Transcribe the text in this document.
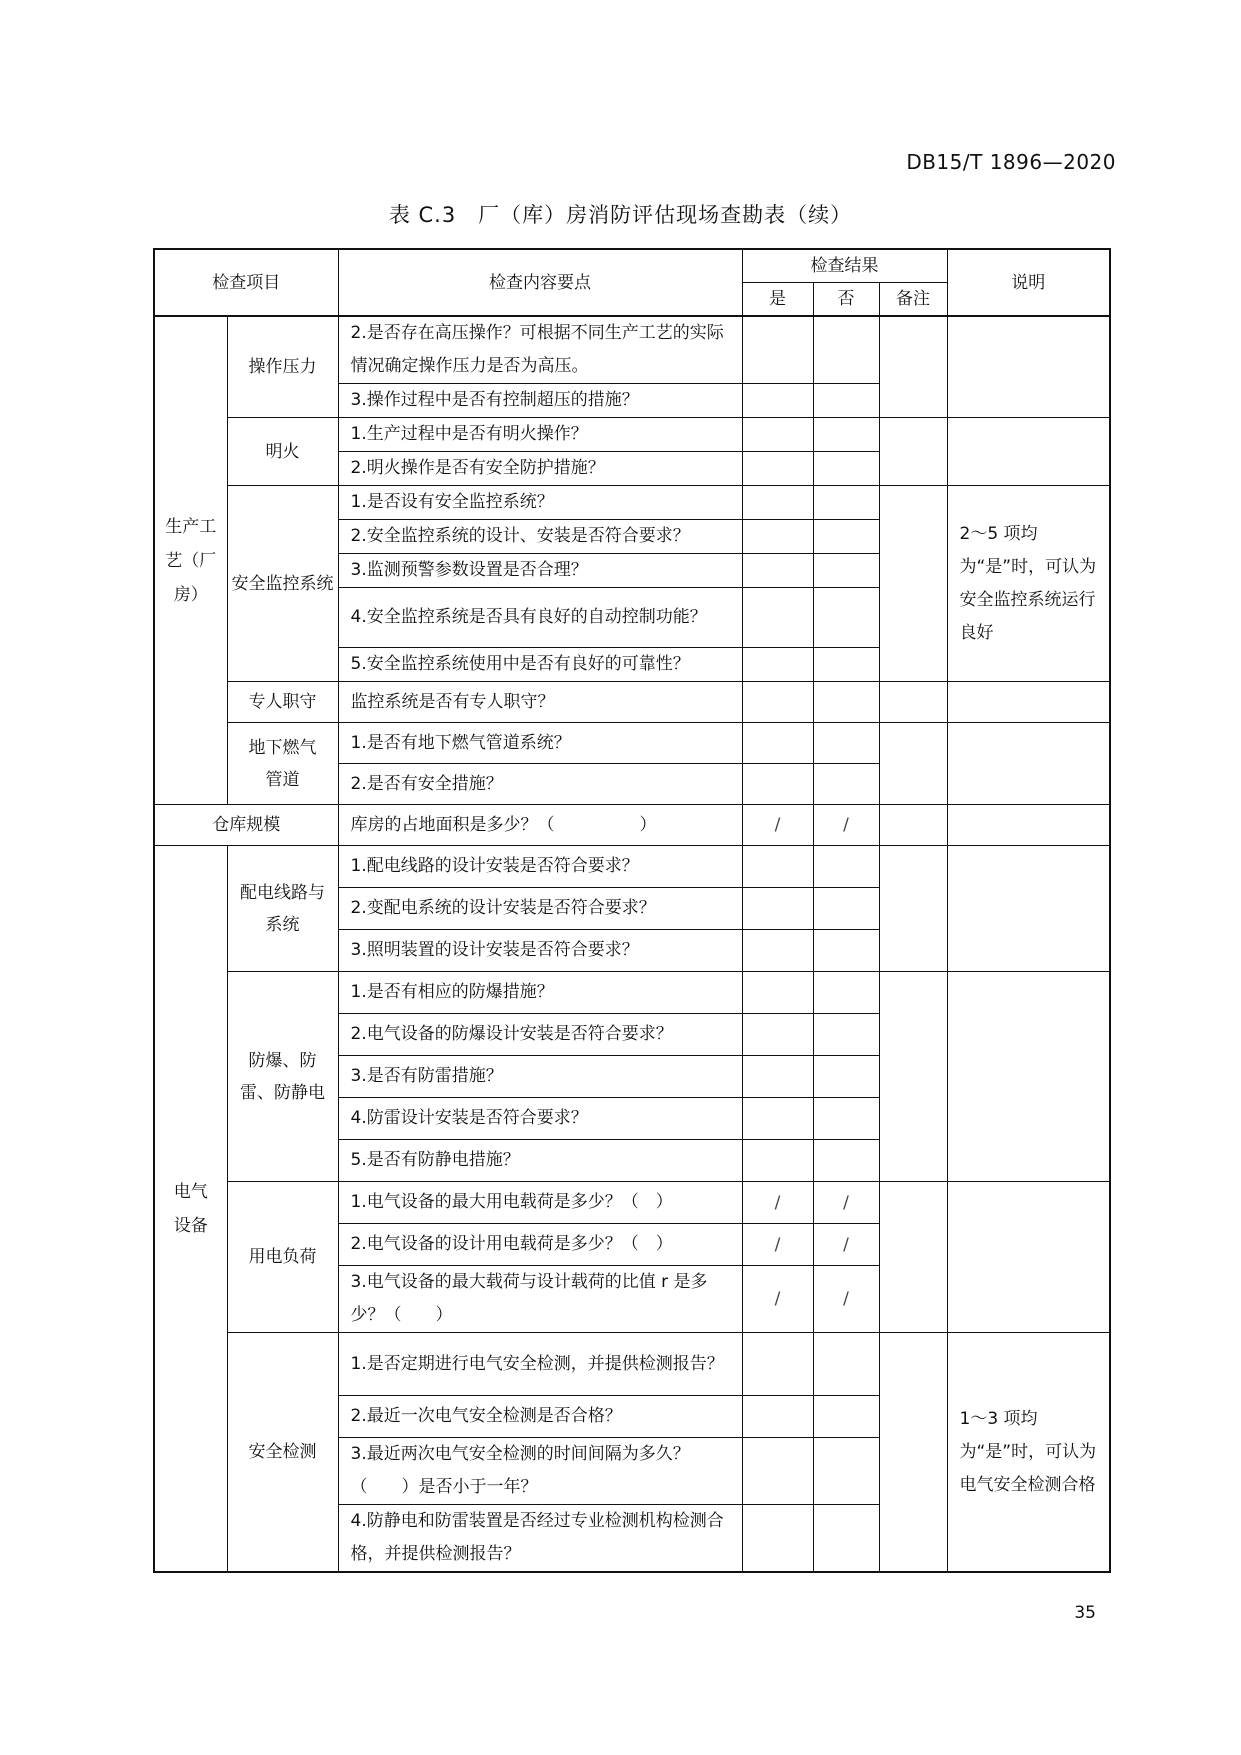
DB15/T 1896—2020
表 C.3　厂（库）房消防评估现场查勘表（续）
检查项目		检查内容要点	检查结果			说明
			是	否	备注	
生产工艺（厂房）	操作压力	2.是否存在高压操作？可根据不同生产工艺的实际情况确定操作压力是否为高压。				
		3.操作过程中是否有控制超压的措施？				
	明火	1.生产过程中是否有明火操作？				
		2.明火操作是否有安全防护措施？				
	安全监控系统	1.是否设有安全监控系统？				2～5 项均为“是”时，可认为安全监控系统运行良好
		2.安全监控系统的设计、安装是否符合要求？				
		3.监测预警参数设置是否合理？				
		4.安全监控系统是否具有良好的自动控制功能？				
		5.安全监控系统使用中是否有良好的可靠性？				
	专人职守	监控系统是否有专人职守？				
	地下燃气管道	1.是否有地下燃气管道系统？				
		2.是否有安全措施？				
仓库规模		库房的占地面积是多少？（　　　　　）	/	/		
电气设备	配电线路与系统	1.配电线路的设计安装是否符合要求？				
		2.变配电系统的设计安装是否符合要求？				
		3.照明装置的设计安装是否符合要求？				
	防爆、防雷、防静电	1.是否有相应的防爆措施？				
		2.电气设备的防爆设计安装是否符合要求？				
		3.是否有防雷措施？				
		4.防雷设计安装是否符合要求？				
		5.是否有防静电措施？				
	用电负荷	1.电气设备的最大用电载荷是多少？（　）	/	/		
		2.电气设备的设计用电载荷是多少？（　）	/	/		
		3.电气设备的最大载荷与设计载荷的比值 r 是多少？（　　）	/	/		
	安全检测	1.是否定期进行电气安全检测，并提供检测报告？				1～3 项均为“是”时，可认为电气安全检测合格
		2.最近一次电气安全检测是否合格？				
		3.最近两次电气安全检测的时间间隔为多久？（　　）是否小于一年？				
		4.防静电和防雷装置是否经过专业检测机构检测合格，并提供检测报告？				
35
